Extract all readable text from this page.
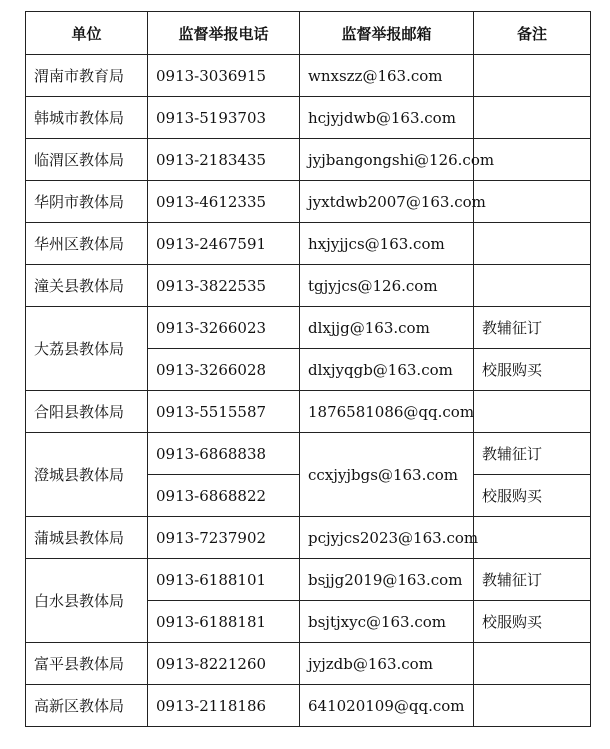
单位	监督举报电话	监督举报邮箱	备注
渭南市教育局	0913-3036915	wnxszz@163.com	
韩城市教体局	0913-5193703	hcjyjdwb@163.com	
临渭区教体局	0913-2183435	jyjbangongshi@126.com	
华阴市教体局	0913-4612335	jyxtdwb2007@163.com	
华州区教体局	0913-2467591	hxjyjjcs@163.com	
潼关县教体局	0913-3822535	tgjyjcs@126.com	
大荔县教体局	0913-3266023	dlxjjg@163.com	教辅征订
	0913-3266028	dlxjyqgb@163.com	校服购买
合阳县教体局	0913-5515587	1876581086@qq.com	
澄城县教体局	0913-6868838	ccxjyjbgs@163.com	教辅征订
	0913-6868822		校服购买
蒲城县教体局	0913-7237902	pcjyjcs2023@163.com	
白水县教体局	0913-6188101	bsjjg2019@163.com	教辅征订
	0913-6188181	bsjtjxyc@163.com	校服购买
富平县教体局	0913-8221260	jyjzdb@163.com	
高新区教体局	0913-2118186	641020109@qq.com	
